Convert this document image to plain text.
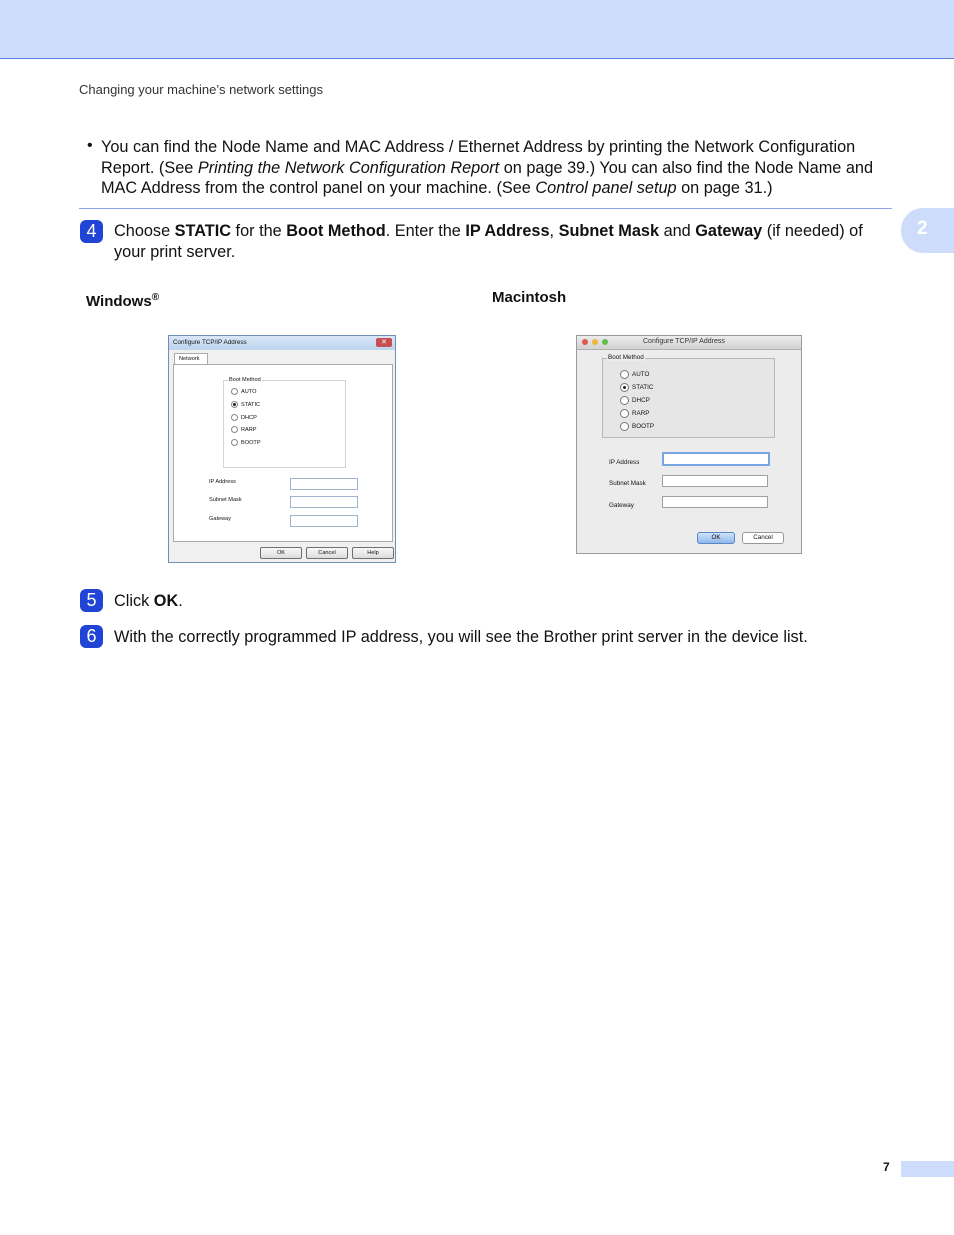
Changing your machine’s network settings
2
• You can find the Node Name and MAC Address / Ethernet Address by printing the Network Configuration Report. (See Printing the Network Configuration Report on page 39.) You can also find the Node Name and MAC Address from the control panel on your machine. (See Control panel setup on page 31.)
4	Choose STATIC for the Boot Method. Enter the IP Address, Subnet Mask and Gateway (if needed) of your print server.
Windows®	Macintosh
Configure TCP/IP Address	✕
Network
Boot Method
AUTO
STATIC
DHCP
RARP
BOOTP
IP Address
Subnet Mask
Gateway
OK	Cancel	Help
Configure TCP/IP Address
Boot Method
AUTO
STATIC
DHCP
RARP
BOOTP
IP Address
Subnet Mask
Gateway
OK	Cancel
5	Click OK.
6	With the correctly programmed IP address, you will see the Brother print server in the device list.
7
